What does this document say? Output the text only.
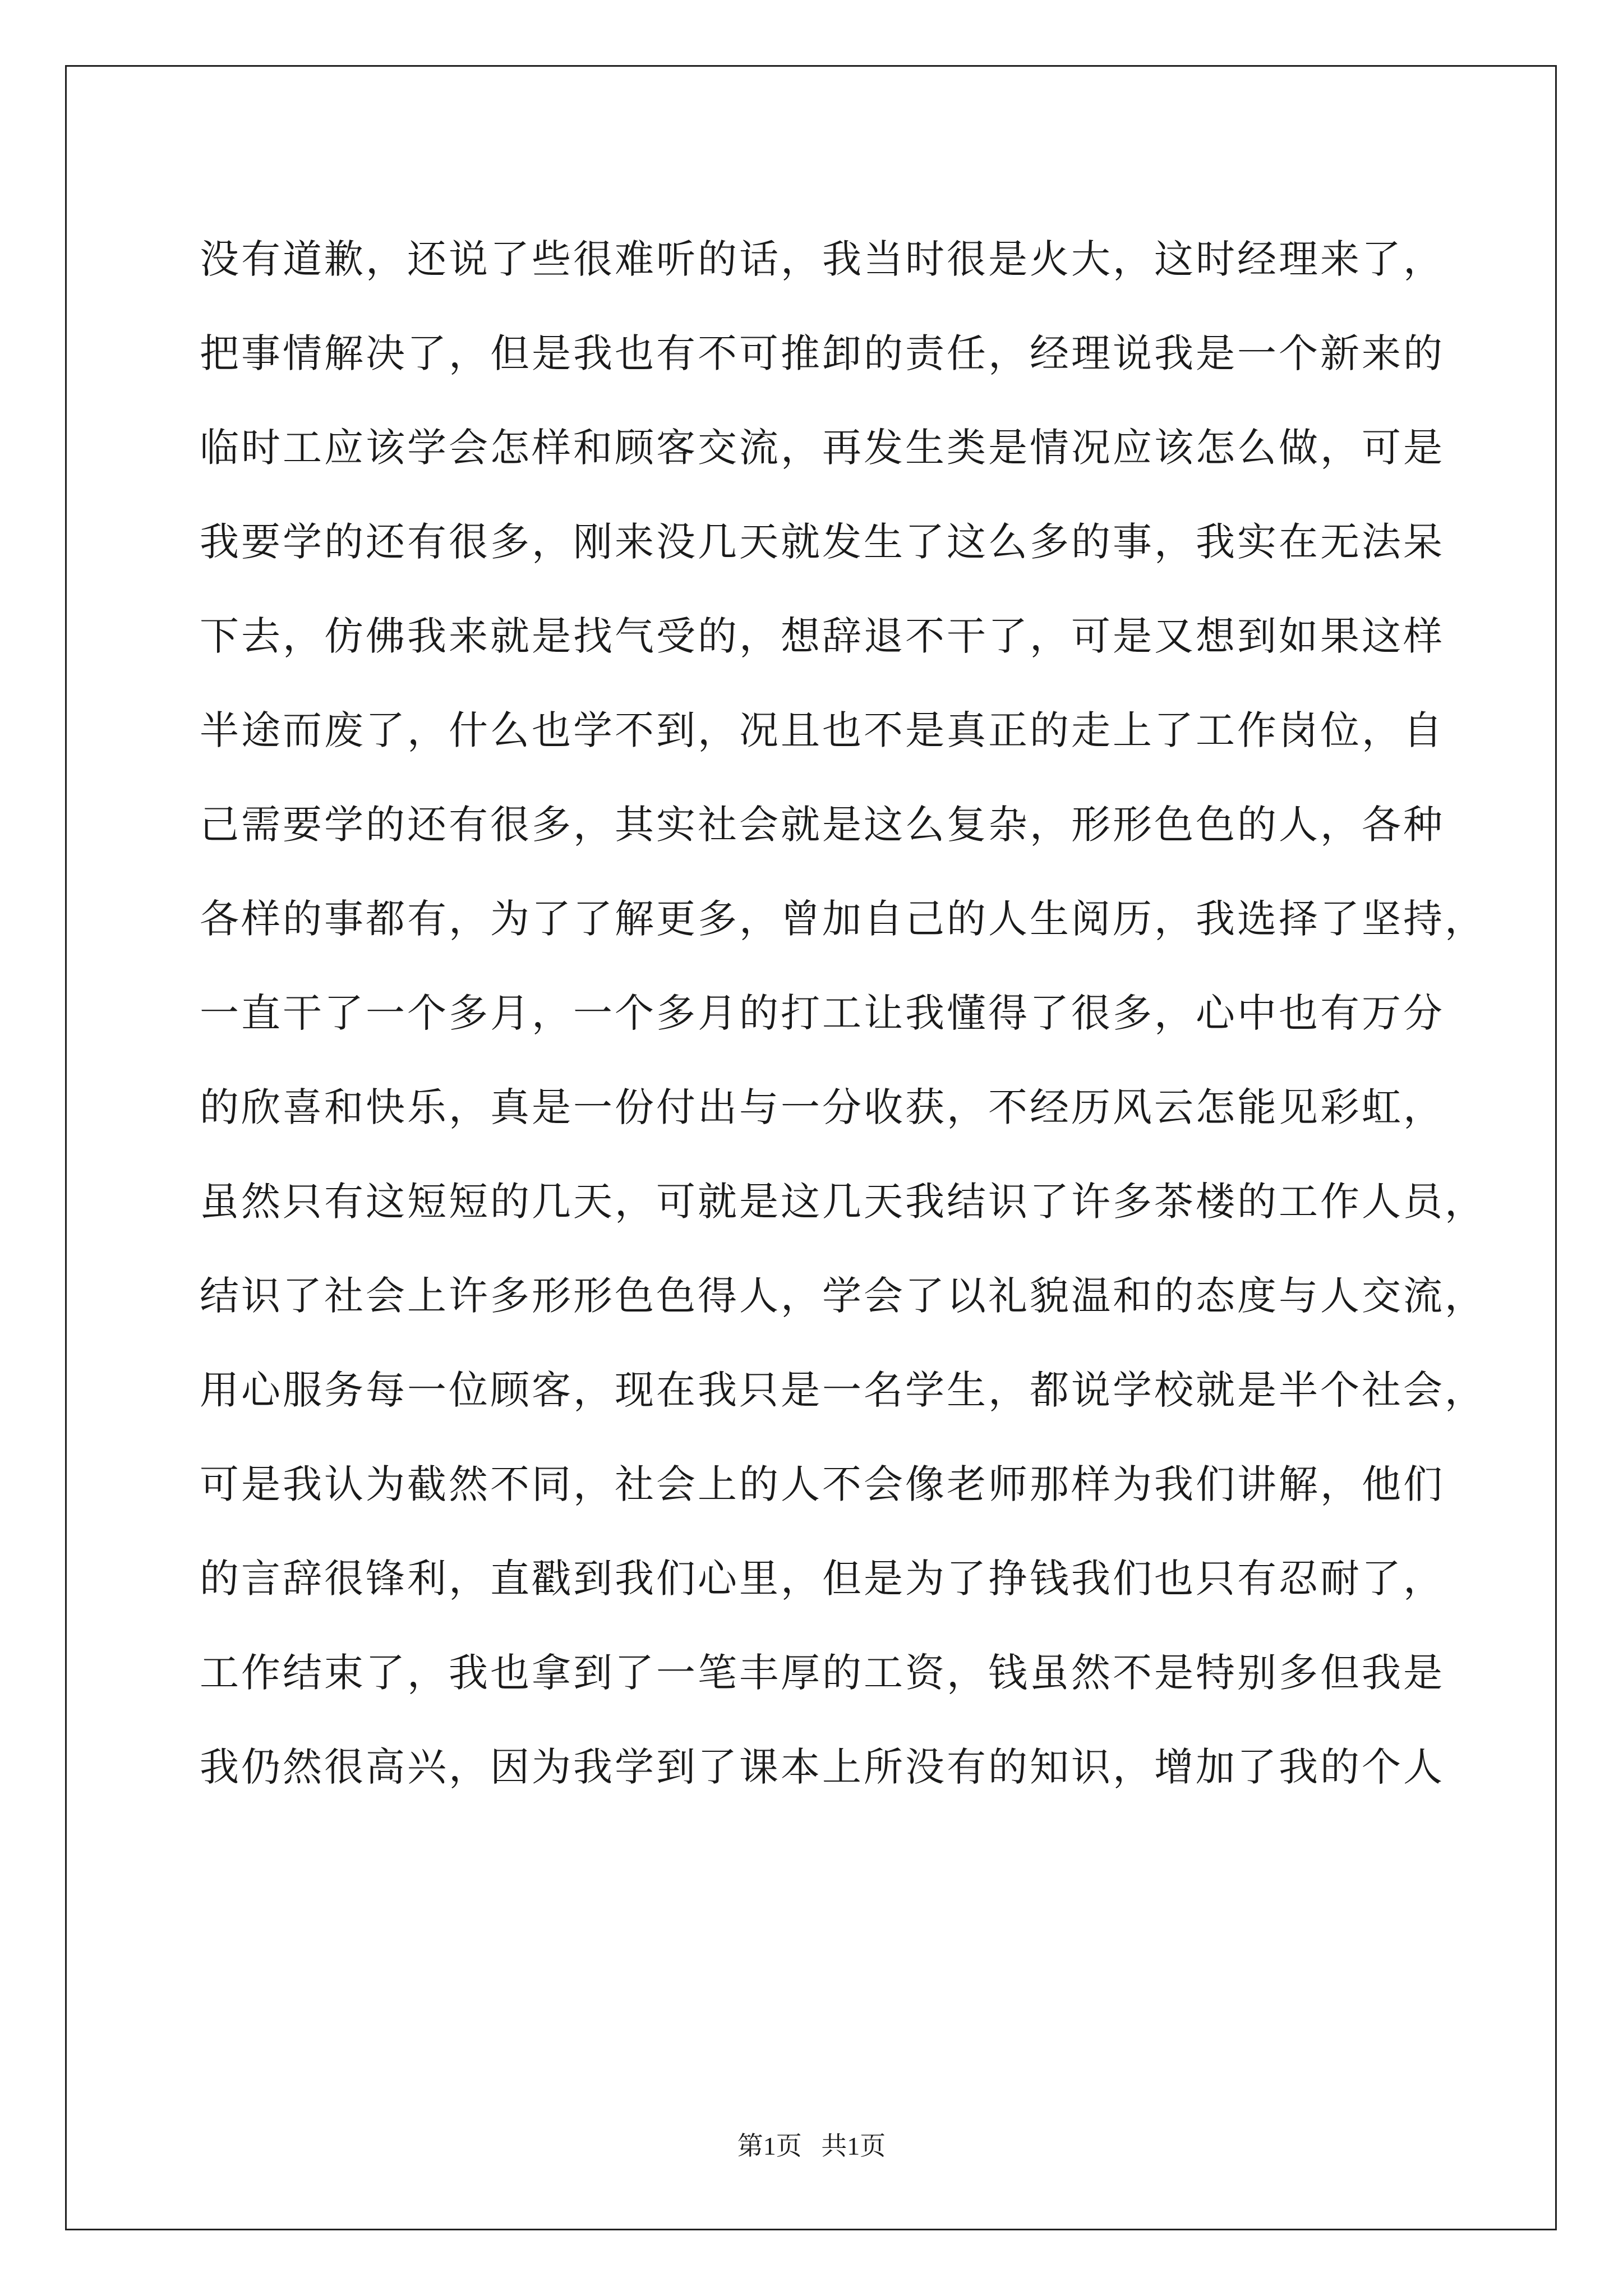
没有道歉，还说了些很难听的话，我当时很是火大，这时经理来了，
把事情解决了，但是我也有不可推卸的责任，经理说我是一个新来的
临时工应该学会怎样和顾客交流，再发生类是情况应该怎么做，可是
我要学的还有很多，刚来没几天就发生了这么多的事，我实在无法呆
下去，仿佛我来就是找气受的，想辞退不干了，可是又想到如果这样
半途而废了，什么也学不到，况且也不是真正的走上了工作岗位，自
己需要学的还有很多，其实社会就是这么复杂，形形色色的人，各种
各样的事都有，为了了解更多，曾加自己的人生阅历，我选择了坚持，
一直干了一个多月，一个多月的打工让我懂得了很多，心中也有万分
的欣喜和快乐，真是一份付出与一分收获，不经历风云怎能见彩虹，
虽然只有这短短的几天，可就是这几天我结识了许多茶楼的工作人员，
结识了社会上许多形形色色得人，学会了以礼貌温和的态度与人交流，
用心服务每一位顾客，现在我只是一名学生，都说学校就是半个社会，
可是我认为截然不同，社会上的人不会像老师那样为我们讲解，他们
的言辞很锋利，直戳到我们心里，但是为了挣钱我们也只有忍耐了，
工作结束了，我也拿到了一笔丰厚的工资，钱虽然不是特别多但我是
我仍然很高兴，因为我学到了课本上所没有的知识，增加了我的个人
第1页   共1页
